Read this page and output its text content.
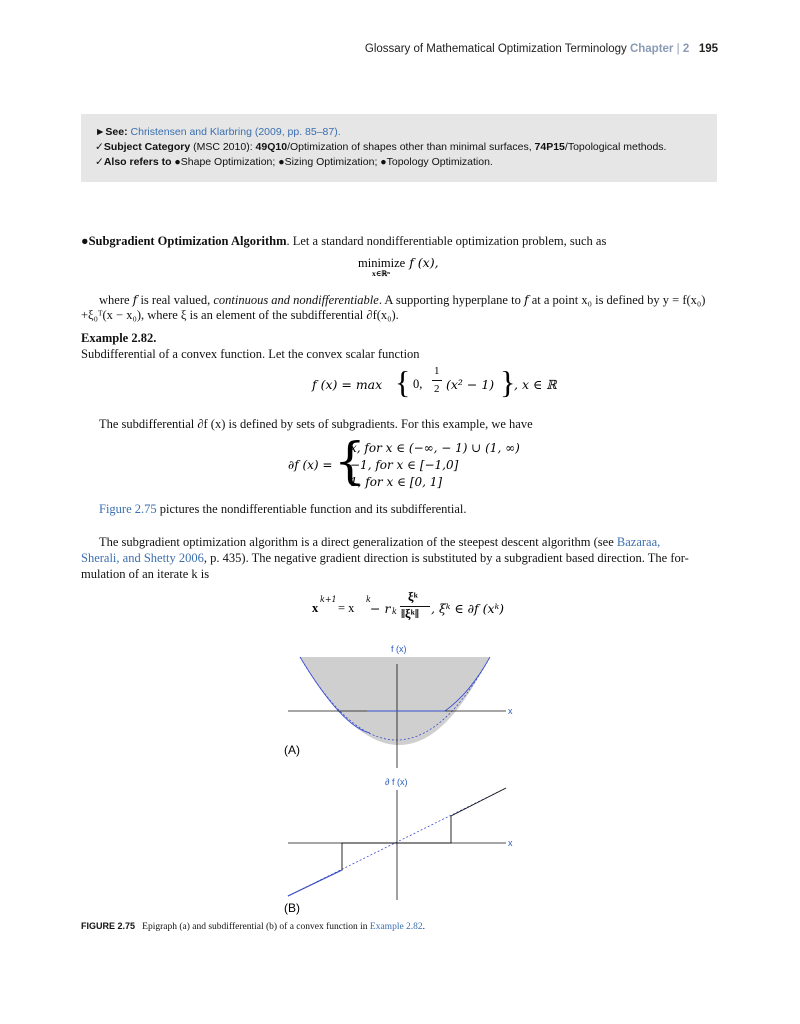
Glossary of Mathematical Optimization Terminology Chapter | 2 195
►See: Christensen and Klarbring (2009, pp. 85–87).
✓Subject Category (MSC 2010): 49Q10/Optimization of shapes other than minimal surfaces, 74P15/Topological methods.
✓Also refers to ●Shape Optimization; ●Sizing Optimization; ●Topology Optimization.
●Subgradient Optimization Algorithm. Let a standard nondifferentiable optimization problem, such as
minimize f (x),
x∈ℝⁿ
where f is real valued, continuous and nondifferentiable. A supporting hyperplane to f at a point x₀ is defined by y = f(x₀)
+ξ₀ᵀ(x − x₀), where ξ is an element of the subdifferential ∂f(x₀).
Example 2.82.
Subdifferential of a convex function. Let the convex scalar function
f (x) = max { 0,
1
2 (x² − 1) }
, x ∈ ℝ
The subdifferential ∂f (x) is defined by sets of subgradients. For this example, we have
∂f (x) = {
x, for x ∈ (−∞, − 1) ∪ (1, ∞)
−1, for x ∈ [−1,0]
1, for x ∈ [0, 1]
Figure 2.75 pictures the nondifferentiable function and its subdifferential.
The subgradient optimization algorithm is a direct generalization of the steepest descent algorithm (see Bazaraa,
Sherali, and Shetty 2006, p. 435). The negative gradient direction is substituted by a subgradient based direction. The for-
mulation of an iterate k is
x
k+1
= x
k
− r k
ξᵏ
‖ξᵏ‖ , ξᵏ ∈ ∂f (xᵏ)
f (x)
x
(A)
∂ f (x)
x
(B)
FIGURE 2.75 Epigraph (a) and subdifferential (b) of a convex function in Example 2.82.
